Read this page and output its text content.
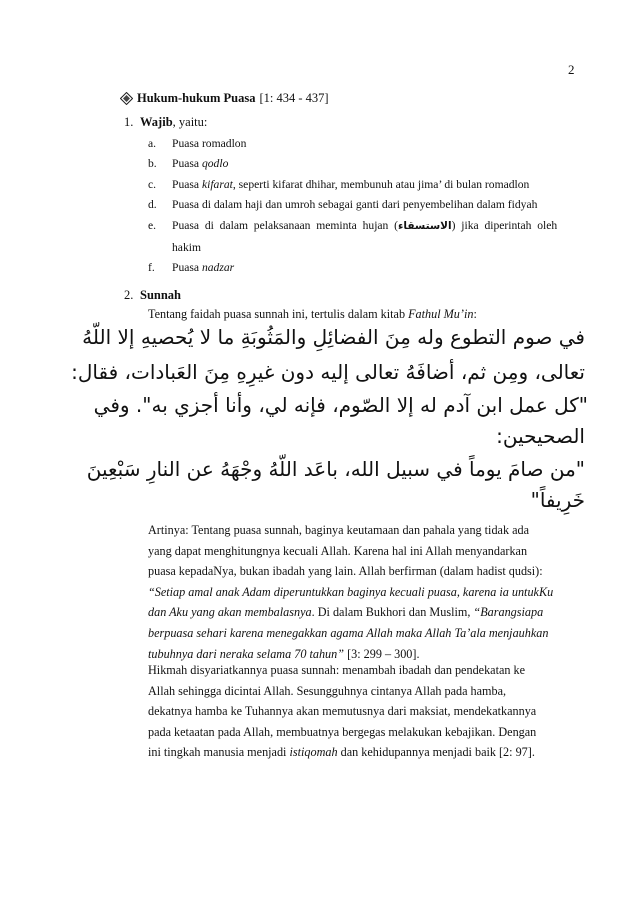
2
Hukum-hukum Puasa [1: 434 - 437]
1. Wajib, yaitu:
a.	Puasa romadlon
b.	Puasa qodlo
c.	Puasa kifarat, seperti kifarat dhihar, membunuh atau jima’ di bulan romadlon
d.	Puasa di dalam haji dan umroh sebagai ganti dari penyembelihan dalam fidyah
e.	Puasa  di  dalam  pelaksanaan  meminta  hujan  (الاستسقاء)  jika  diperintah  oleh
hakim
f.	Puasa nadzar
2. Sunnah
Tentang faidah puasa sunnah ini, tertulis dalam kitab Fathul Mu’in:
في صوم التطوع وله مِنَ الفضائِلِ والمَثُوبَةِ ما لا يُحصيهِ إلا اللّهُ
تعالى، ومِن ثم، أضافَهُ تعالى إليه دون غيرِهِ مِنَ العَبادات، فقال:
"كل عمل ابن آدم له إلا الصّوم، فإنه لي، وأنا أجزي به". وفي
الصحيحين:
"من صامَ يوماً في سبيل الله، باعَد اللّهُ وجْهَهُ عن النارِ سَبْعِينَ
خَرِيفاً"
Artinya: Tentang puasa sunnah, baginya keutamaan dan pahala yang tidak ada
yang dapat menghitungnya kecuali Allah. Karena hal ini Allah menyandarkan
puasa kepadaNya, bukan ibadah yang lain. Allah berfirman (dalam hadist qudsi):
“Setiap amal anak Adam diperuntukkan baginya kecuali puasa, karena ia untukKu
dan Aku yang akan membalasnya. Di dalam Bukhori dan Muslim, “Barangsiapa
berpuasa sehari karena menegakkan agama Allah maka Allah Ta’ala menjauhkan
tubuhnya dari neraka selama 70 tahun” [3: 299 – 300].
Hikmah disyariatkannya puasa sunnah: menambah ibadah dan pendekatan ke
Allah sehingga dicintai Allah. Sesungguhnya cintanya Allah pada hamba,
dekatnya hamba ke Tuhannya akan memutusnya dari maksiat, mendekatkannya
pada ketaatan pada Allah, membuatnya bergegas melakukan kebajikan. Dengan
ini tingkah manusia menjadi istiqomah dan kehidupannya menjadi baik [2: 97].
